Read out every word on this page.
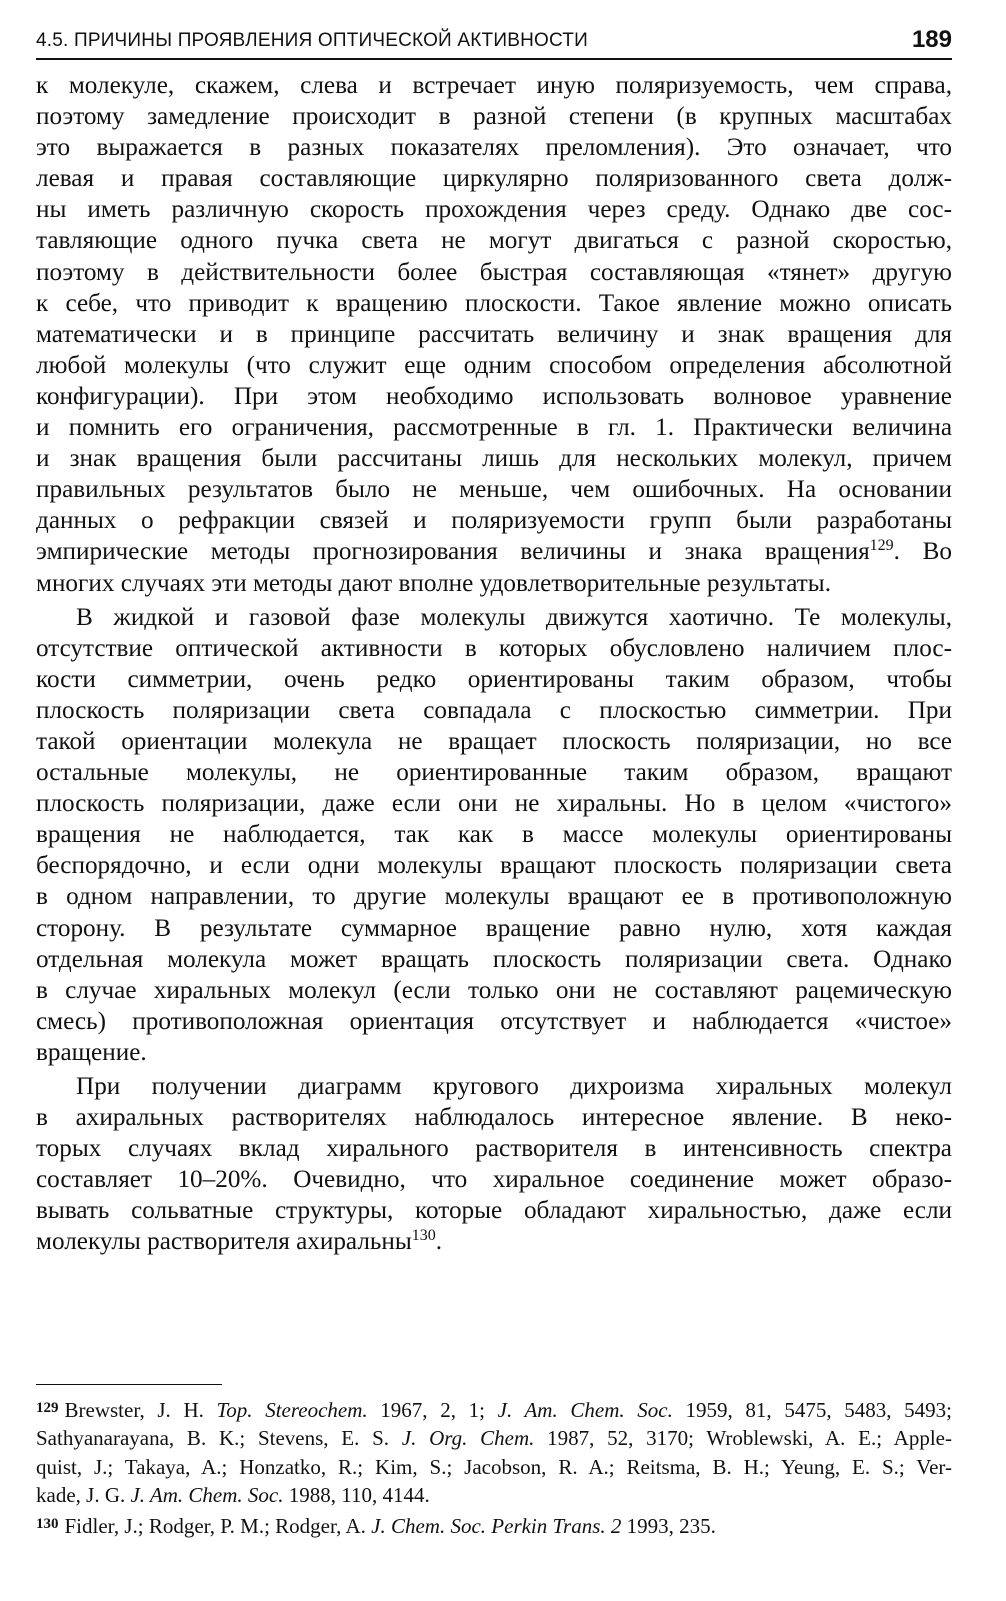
4.5. ПРИЧИНЫ ПРОЯВЛЕНИЯ ОПТИЧЕСКОЙ АКТИВНОСТИ	189
к молекуле, скажем, слева и встречает иную поляризуемость, чем справа,
поэтому замедление происходит в разной степени (в крупных масштабах
это выражается в разных показателях преломления). Это означает, что
левая и правая составляющие циркулярно поляризованного света долж-
ны иметь различную скорость прохождения через среду. Однако две сос-
тавляющие одного пучка света не могут двигаться с разной скоростью,
поэтому в действительности более быстрая составляющая «тянет» другую
к себе, что приводит к вращению плоскости. Такое явление можно описать
математически и в принципе рассчитать величину и знак вращения для
любой молекулы (что служит еще одним способом определения абсолютной
конфигурации). При этом необходимо использовать волновое уравнение
и помнить его ограничения, рассмотренные в гл. 1. Практически величина
и знак вращения были рассчитаны лишь для нескольких молекул, причем
правильных результатов было не меньше, чем ошибочных. На основании
данных о рефракции связей и поляризуемости групп были разработаны
эмпирические методы прогнозирования величины и знака вращения$^{129}$. Во
многих случаях эти методы дают вполне удовлетворительные результаты.
В жидкой и газовой фазе молекулы движутся хаотично. Те молекулы,
отсутствие оптической активности в которых обусловлено наличием плос-
кости симметрии, очень редко ориентированы таким образом, чтобы
плоскость поляризации света совпадала с плоскостью симметрии. При
такой ориентации молекула не вращает плоскость поляризации, но все
остальные молекулы, не ориентированные таким образом, вращают
плоскость поляризации, даже если они не хиральны. Но в целом «чистого»
вращения не наблюдается, так как в массе молекулы ориентированы
беспорядочно, и если одни молекулы вращают плоскость поляризации света
в одном направлении, то другие молекулы вращают ее в противоположную
сторону. В результате суммарное вращение равно нулю, хотя каждая
отдельная молекула может вращать плоскость поляризации света. Однако
в случае хиральных молекул (если только они не составляют рацемическую
смесь) противоположная ориентация отсутствует и наблюдается «чистое»
вращение.
При получении диаграмм кругового дихроизма хиральных молекул
в ахиральных растворителях наблюдалось интересное явление. В неко-
торых случаях вклад хирального растворителя в интенсивность спектра
составляет 10–20%. Очевидно, что хиральное соединение может образо-
вывать сольватные структуры, которые обладают хиральностью, даже если
молекулы растворителя ахиральны$^{130}$.
$^{129}$ Brewster, J. H. Top. Stereochem. 1967, 2, 1; J. Am. Chem. Soc. 1959, 81, 5475, 5483, 5493;
Sathyanarayana, B. K.; Stevens, E. S. J. Org. Chem. 1987, 52, 3170; Wroblewski, A. E.; Apple-
quist, J.; Takaya, A.; Honzatko, R.; Kim, S.; Jacobson, R. A.; Reitsma, B. H.; Yeung, E. S.; Ver-
kade, J. G. J. Am. Chem. Soc. 1988, 110, 4144.
$^{130}$ Fidler, J.; Rodger, P. M.; Rodger, A. J. Chem. Soc. Perkin Trans. 2 1993, 235.
